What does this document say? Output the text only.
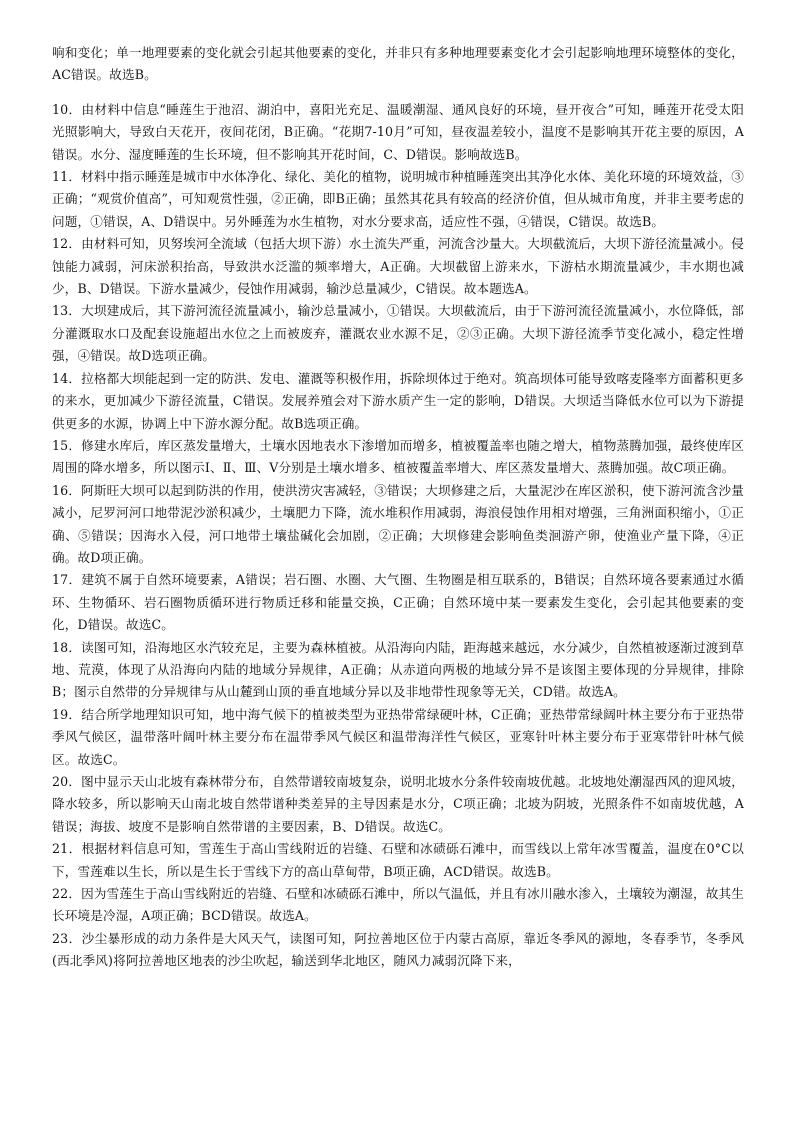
响和变化；单一地理要素的变化就会引起其他要素的变化，并非只有多种地理要素变化才会引起影响地理环境整体的变化，AC错误。故选B。

10．由材料中信息“睡莲生于池沼、湖泊中，喜阳光充足、温暖潮湿、通风良好的环境，昼开夜合”可知，睡莲开花受太阳光照影响大，导致白天花开，夜间花闭，B正确。“花期7-10月”可知，昼夜温差较小，温度不是影响其开花主要的原因，A错误。水分、湿度睡莲的生长环境，但不影响其开花时间，C、D错误。影响故选B。

11．材料中指示睡莲是城市中水体净化、绿化、美化的植物，说明城市种植睡莲突出其净化水体、美化环境的环境效益，③正确；“观赏价值高”，可知观赏性强，②正确，即B正确；虽然其花具有较高的经济价值，但从城市角度，并非主要考虑的问题，①错误，A、D错误中。另外睡莲为水生植物，对水分要求高，适应性不强，④错误，C错误。故选B。

12．由材料可知，贝努埃河全流域（包括大坝下游）水土流失严重，河流含沙量大。大坝截流后，大坝下游径流量减小。侵蚀能力减弱，河床淤积抬高，导致洪水泛滥的频率增大，A正确。大坝截留上游来水，下游枯水期流量减少，丰水期也减少，B、D错误。下游水量减少，侵蚀作用减弱，输沙总量减少，C错误。故本题选A。

13．大坝建成后，其下游河流径流量减小，输沙总量减小，①错误。大坝截流后，由于下游河流径流量减小，水位降低，部分灌溉取水口及配套设施超出水位之上而被废弃，灌溉农业水源不足，②③正确。大坝下游径流季节变化减小，稳定性增强，④错误。故D选项正确。

14．拉格都大坝能起到一定的防洪、发电、灌溉等积极作用，拆除坝体过于绝对。筑高坝体可能导致喀麦隆率方面蓄积更多的来水，更加减少下游径流量，C错误。发展养殖会对下游水质产生一定的影响，D错误。大坝适当降低水位可以为下游提供更多的水源，协调上中下游水源分配。故B选项正确。

15．修建水库后，库区蒸发量增大，土壤水因地表水下渗增加而增多，植被覆盖率也随之增大，植物蒸腾加强，最终使库区周围的降水增多，所以图示Ⅰ、Ⅱ、Ⅲ、Ⅴ分别是土壤水增多、植被覆盖率增大、库区蒸发量增大、蒸腾加强。故C项正确。

16．阿斯旺大坝可以起到防洪的作用，使洪涝灾害减轻，③错误；大坝修建之后，大量泥沙在库区淤积，使下游河流含沙量减小，尼罗河河口地带泥沙淤积减少，土壤肥力下降，流水堆积作用减弱，海浪侵蚀作用相对增强，三角洲面积缩小，①正确、⑤错误；因海水入侵，河口地带土壤盐碱化会加剧，②正确；大坝修建会影响鱼类洄游产卵，使渔业产量下降，④正确。故D项正确。

17．建筑不属于自然环境要素，A错误；岩石圈、水圈、大气圈、生物圈是相互联系的，B错误；自然环境各要素通过水循环、生物循环、岩石圈物质循环进行物质迁移和能量交换，C正确；自然环境中某一要素发生变化，会引起其他要素的变化，D错误。故选C。

18．读图可知，沿海地区水汽较充足，主要为森林植被。从沿海向内陆，距海越来越远，水分减少，自然植被逐渐过渡到草地、荒漠，体现了从沿海向内陆的地域分异规律，A正确；从赤道向两极的地域分异不是该图主要体现的分异规律，排除B；图示自然带的分异规律与从山麓到山顶的垂直地域分异以及非地带性现象等无关，CD错。故选A。

19．结合所学地理知识可知，地中海气候下的植被类型为亚热带常绿硬叶林，C正确；亚热带常绿阔叶林主要分布于亚热带季风气候区，温带落叶阔叶林主要分布在温带季风气候区和温带海洋性气候区，亚寒针叶林主要分布于亚寒带针叶林气候区。故选C。

20．图中显示天山北坡有森林带分布，自然带谱较南坡复杂，说明北坡水分条件较南坡优越。北坡地处潮湿西风的迎风坡，降水较多，所以影响天山南北坡自然带谱种类差异的主导因素是水分，C项正确；北坡为阴坡，光照条件不如南坡优越，A错误；海拔、坡度不是影响自然带谱的主要因素，B、D错误。故选C。

21．根据材料信息可知，雪莲生于高山雪线附近的岩缝、石壁和冰碛砾石滩中，而雪线以上常年冰雪覆盖，温度在0°C以下，雪莲难以生长，所以是生长于雪线下方的高山草甸带，B项正确，ACD错误。故选B。

22．因为雪莲生于高山雪线附近的岩缝、石壁和冰碛砾石滩中，所以气温低，并且有冰川融水渗入，土壤较为潮湿，故其生长环境是冷湿，A项正确；BCD错误。故选A。

23．沙尘暴形成的动力条件是大风天气，读图可知，阿拉善地区位于内蒙古高原，靠近冬季风的源地，冬春季节，冬季风(西北季风)将阿拉善地区地表的沙尘吹起，输送到华北地区，随风力减弱沉降下来，
